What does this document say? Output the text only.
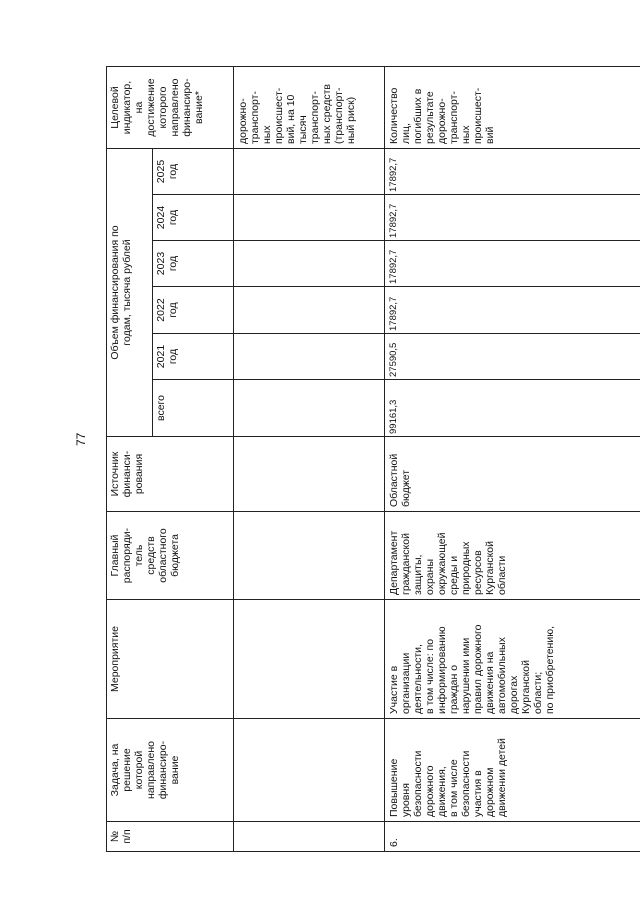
77
№
п/п
Задача, на
решение
которой
направлено
финансиро-
вание
Мероприятие
Главный
распоряди-
тель
средств
областного
бюджета
Источник
финанси-
рования
Объем финансирования по
годам, тысяча рублей
всего
2021
год
2022
год
2023
год
2024
год
2025
год
Целевой
индикатор,
на
достижение
которого
направлено
финансиро-
вание*	дорожно-
транспорт-
ных
происшест-
вий, на 10
тысяч
транспорт-
ных средств
(транспорт-
ный риск)
6.
Повышение
уровня
безопасности
дорожного
движения,
в том числе
безопасности
участия в
дорожном
движении детей
Участие в
организации
деятельности,
в том числе: по
информированию
граждан о
нарушении ими
правил дорожного
движения на
автомобильных
дорогах
Курганской
области;
по приобретению,
Департамент
гражданской
защиты,
охраны
окружающей
среды и
природных
ресурсов
Курганской
области
Областной
бюджет
99161,3
27590,5
17892,7
17892,7
17892,7
17892,7
Количество
лиц,
погибших в
результате
дорожно-
транспорт-
ных
происшест-
вий
